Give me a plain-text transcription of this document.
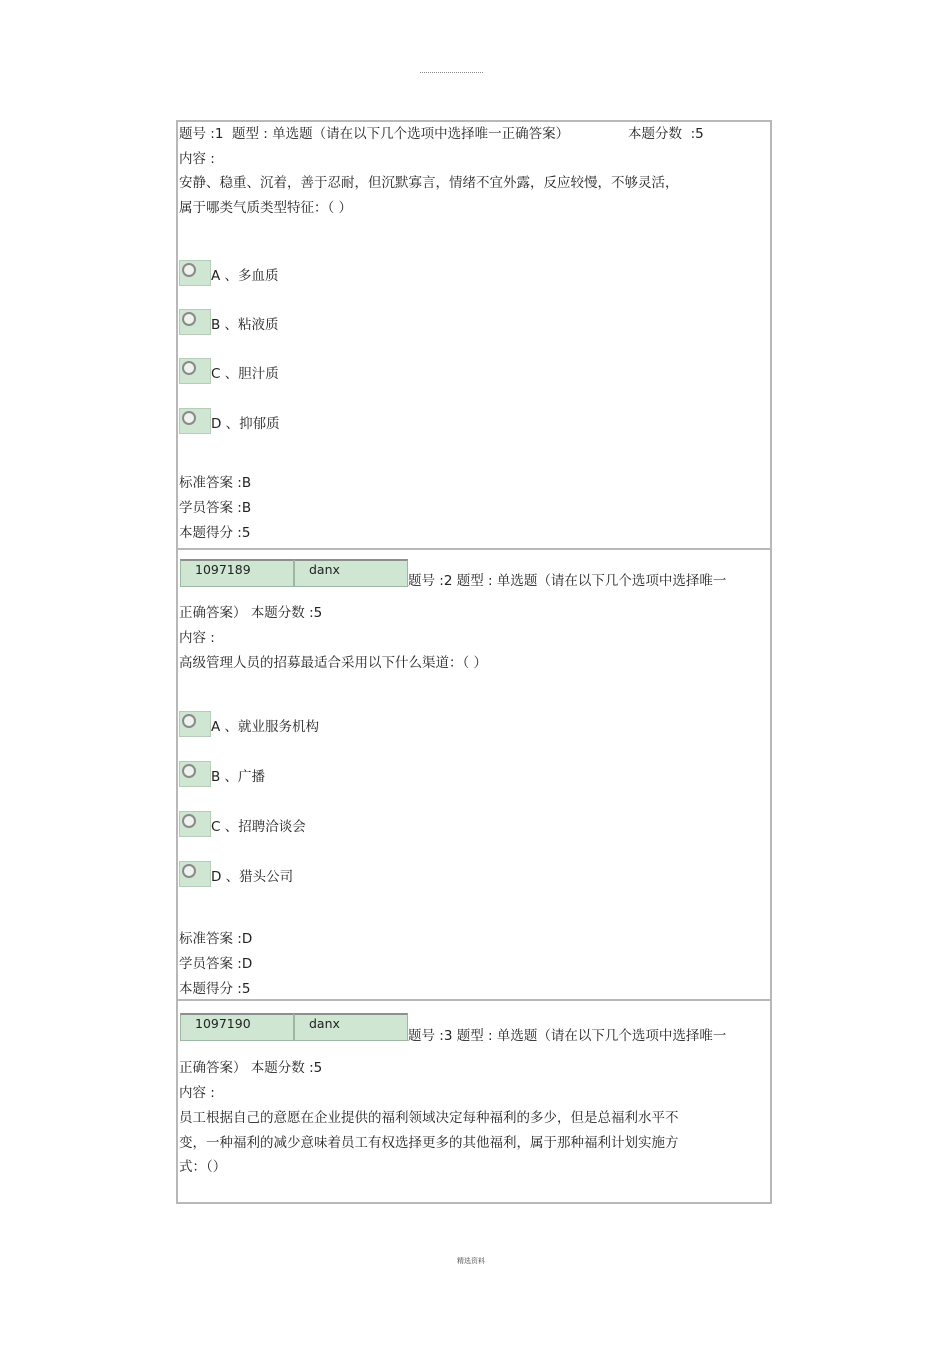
题号 :1  题型 : 单选题（请在以下几个选项中选择唯一正确答案）	本题分数  :5
内容 :
安静、稳重、沉着，善于忍耐，但沉默寡言，情绪不宜外露，反应较慢，不够灵活，
属于哪类气质类型特征：（ ）
A 、多血质
B 、粘液质
C 、胆汁质
D 、抑郁质
标准答案 :B
学员答案 :B
本题得分 :5
1097189	danx
题号 :2 题型 : 单选题（请在以下几个选项中选择唯一
正确答案） 本题分数 :5
内容 :
高级管理人员的招募最适合采用以下什么渠道：（ ）
A 、就业服务机构
B 、广播
C 、招聘洽谈会
D 、猎头公司
标准答案 :D
学员答案 :D
本题得分 :5
1097190	danx
题号 :3 题型 : 单选题（请在以下几个选项中选择唯一
正确答案） 本题分数 :5
内容 :
员工根据自己的意愿在企业提供的福利领域决定每种福利的多少，但是总福利水平不
变，一种福利的减少意味着员工有权选择更多的其他福利，属于那种福利计划实施方
式：（）
精选资料
